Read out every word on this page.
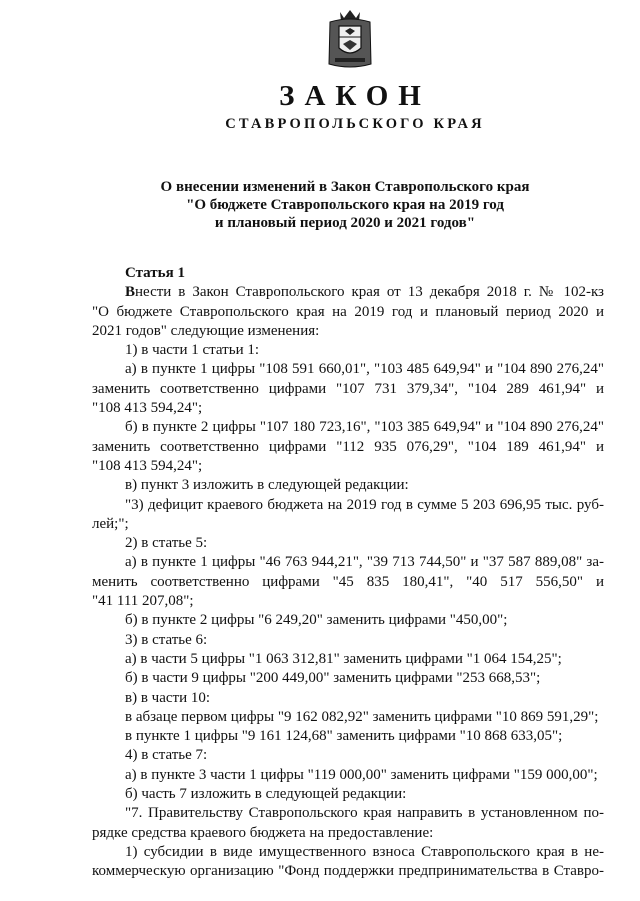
ЗАКОН
СТАВРОПОЛЬСКОГО КРАЯ
О внесении изменений в Закон Ставропольского края
"О бюджете Ставропольского края на 2019 год
и плановый период 2020 и 2021 годов"

Статья 1

Внести в Закон Ставропольского края от 13 декабря 2018 г. № 102-кз

"О бюджете Ставропольского края на 2019 год и плановый период 2020 и

2021 годов" следующие изменения:

1) в части 1 статьи 1:

а) в пункте 1 цифры "108 591 660,01", "103 485 649,94" и "104 890 276,24"

заменить соответственно цифрами "107 731 379,34", "104 289 461,94" и

"108 413 594,24";

б) в пункте 2 цифры "107 180 723,16", "103 385 649,94" и "104 890 276,24"

заменить соответственно цифрами "112 935 076,29", "104 189 461,94" и

"108 413 594,24";

в) пункт 3 изложить в следующей редакции:

"3) дефицит краевого бюджета на 2019 год в сумме 5 203 696,95 тыс. руб-

лей;";

2) в статье 5:

а) в пункте 1 цифры "46 763 944,21", "39 713 744,50" и "37 587 889,08" за-

менить соответственно цифрами "45 835 180,41", "40 517 556,50" и

"41 111 207,08";

б) в пункте 2 цифры "6 249,20" заменить цифрами "450,00";

3) в статье 6:

а) в части 5 цифры "1 063 312,81" заменить цифрами "1 064 154,25";

б) в части 9 цифры "200 449,00" заменить цифрами "253 668,53";

в) в части 10:

в абзаце первом цифры "9 162 082,92" заменить цифрами "10 869 591,29";

в пункте 1 цифры "9 161 124,68" заменить цифрами "10 868 633,05";

4) в статье 7:

а) в пункте 3 части 1 цифры "119 000,00" заменить цифрами "159 000,00";

б) часть 7 изложить в следующей редакции:

"7. Правительству Ставропольского края направить в установленном по-

рядке средства краевого бюджета на предоставление:

1) субсидии в виде имущественного взноса Ставропольского края в не-

коммерческую организацию "Фонд поддержки предпринимательства в Ставро-
